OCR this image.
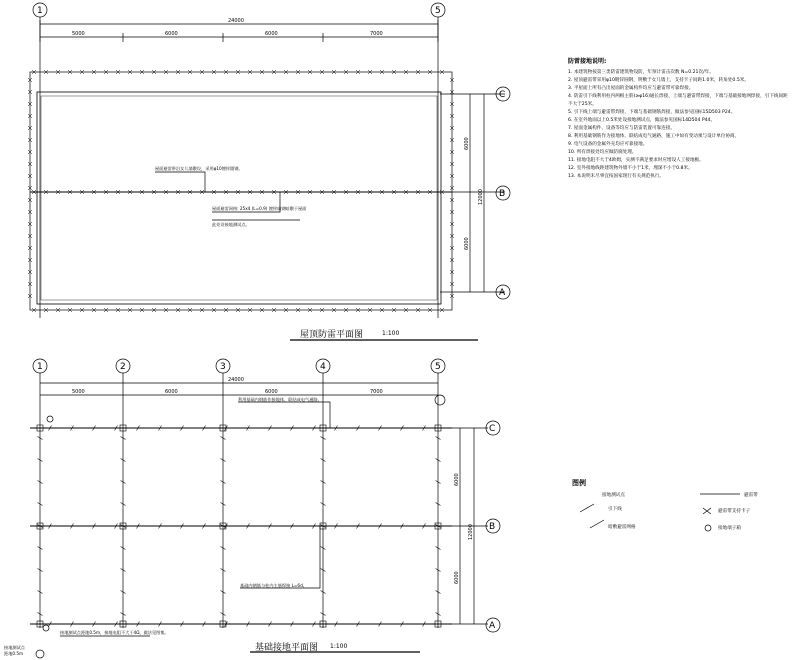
1	5
24000
5000	6000	6000	7000
C
B
A
6000
6000
12000
1	2	3	4	5
24000
5000	6000	6000	7000
C
B
A
6000
6000
12000
屋顶防雷平面图	1:100
屋面避雷带沿女儿墙敷设，采用φ10镀锌圆钢。
屋面避雷网格: 25x4 (L=0.9) 镀锌扁钢暗敷于屋面
此处设接地测试点。
基础接地平面图 1:100
利用基础内钢筋作接地体，联结成电气通路。
基础内钢筋与柱内主筋焊接 L=6d。
接地测试点距地0.5m，接地电阻不大于4Ω，做法见图集。
接地测试点
距地0.5m
防雷接地说明:
1. 本建筑物按第三类防雷建筑物设防，年预计雷击次数 N=0.21次/年。
2. 屋顶避雷带采用φ10镀锌圆钢，明敷于女儿墙上，支持卡子间距1.0米，转角处0.5米。
3. 平屋面上所有凸出屋面的金属构件均应与避雷带可靠焊接。
4. 防雷引下线利用柱内两根主筋(≥φ16)通长焊接，上端与避雷带焊接，下端与基础接地网焊接，引下线间距不大于25米。
5. 引下线上端与避雷带焊接，下端与基础钢筋焊接，做法参见国标15D503 P24。
6. 在室外地面以上0.5米处设接地测试点，做法参见国标14D504 P44。
7. 屋面金属构件、设备等均应与防雷装置可靠连接。
8. 利用基础钢筋作为接地体，联结成电气通路，施工中如有变动须与设计单位协商。
9. 电气设备的金属外壳均应可靠接地。
10. 所有焊接处均应做防腐处理。
11. 接地电阻不大于4欧姆，实测不满足要求时应增设人工接地极。
12. 室外接地线距建筑物外墙不小于1米，埋深不小于0.8米。
13. 本说明未尽事宜按国家现行有关规范执行。
图例
接地测试点	避雷带
引下线	避雷带支持卡子
暗敷避雷网格	接地端子箱
